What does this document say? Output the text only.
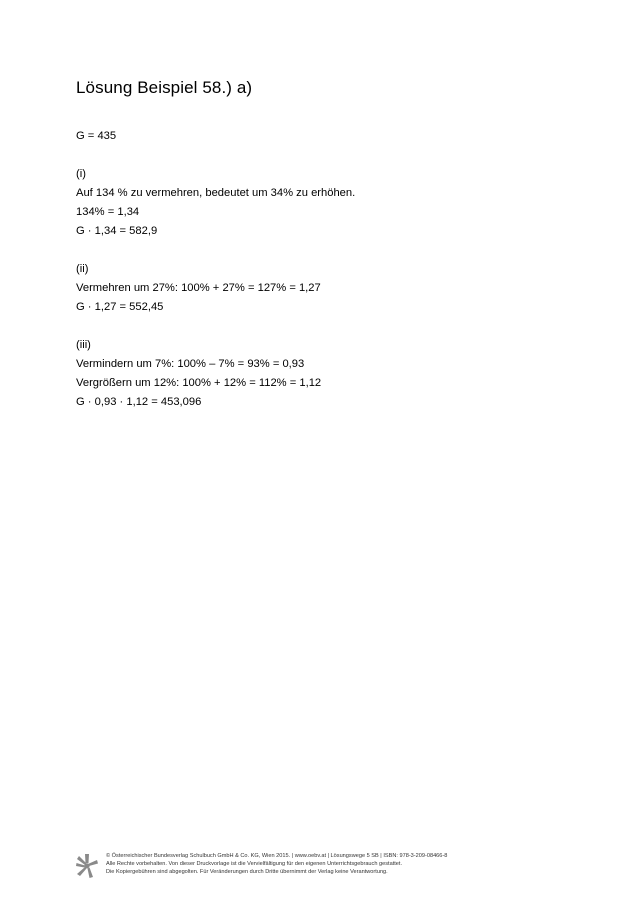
Lösung Beispiel 58.) a)
G = 435
(i)
Auf 134 % zu vermehren, bedeutet um 34% zu erhöhen.
134% = 1,34
G · 1,34 = 582,9
(ii)
Vermehren um 27%: 100% + 27% = 127% = 1,27
G · 1,27 = 552,45
(iii)
Vermindern um 7%: 100% – 7% = 93% = 0,93
Vergrößern um 12%: 100% + 12% = 112% = 1,12
G · 0,93 · 1,12 = 453,096
© Österreichischer Bundesverlag Schulbuch GmbH & Co. KG, Wien 2015. | www.oebv.at | Lösungswege 5 SB | ISBN: 978-3-209-08466-8
Alle Rechte vorbehalten. Von dieser Druckvorlage ist die Vervielfältigung für den eigenen Unterrichtsgebrauch gestattet.
Die Kopiergebühren sind abgegolten. Für Veränderungen durch Dritte übernimmt der Verlag keine Verantwortung.
